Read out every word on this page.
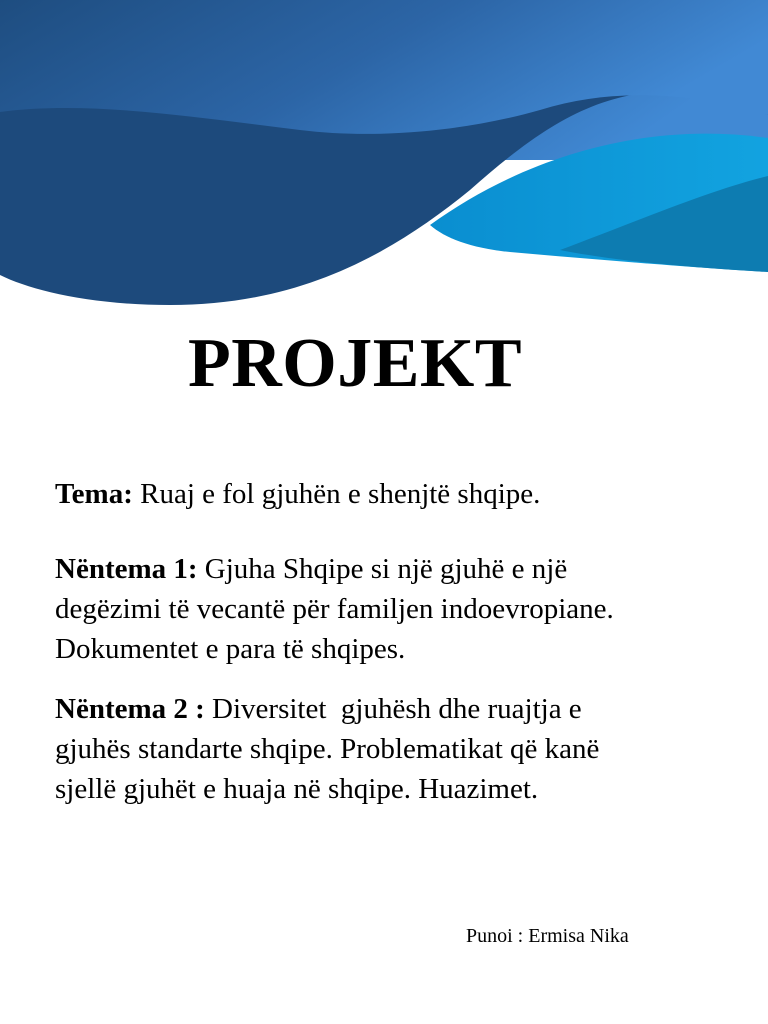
PROJEKT

Tema: Ruaj e fol gjuhën e shenjtë shqipe.

Nëntema 1: Gjuha Shqipe si një gjuhë e një
degëzimi të vecantë për familjen indoevropiane.
Dokumentet e para të shqipes.

Nëntema 2 : Diversitet  gjuhësh dhe ruajtja e
gjuhës standarte shqipe. Problematikat që kanë
sjellë gjuhët e huaja në shqipe. Huazimet.

Punoi : Ermisa Nika
